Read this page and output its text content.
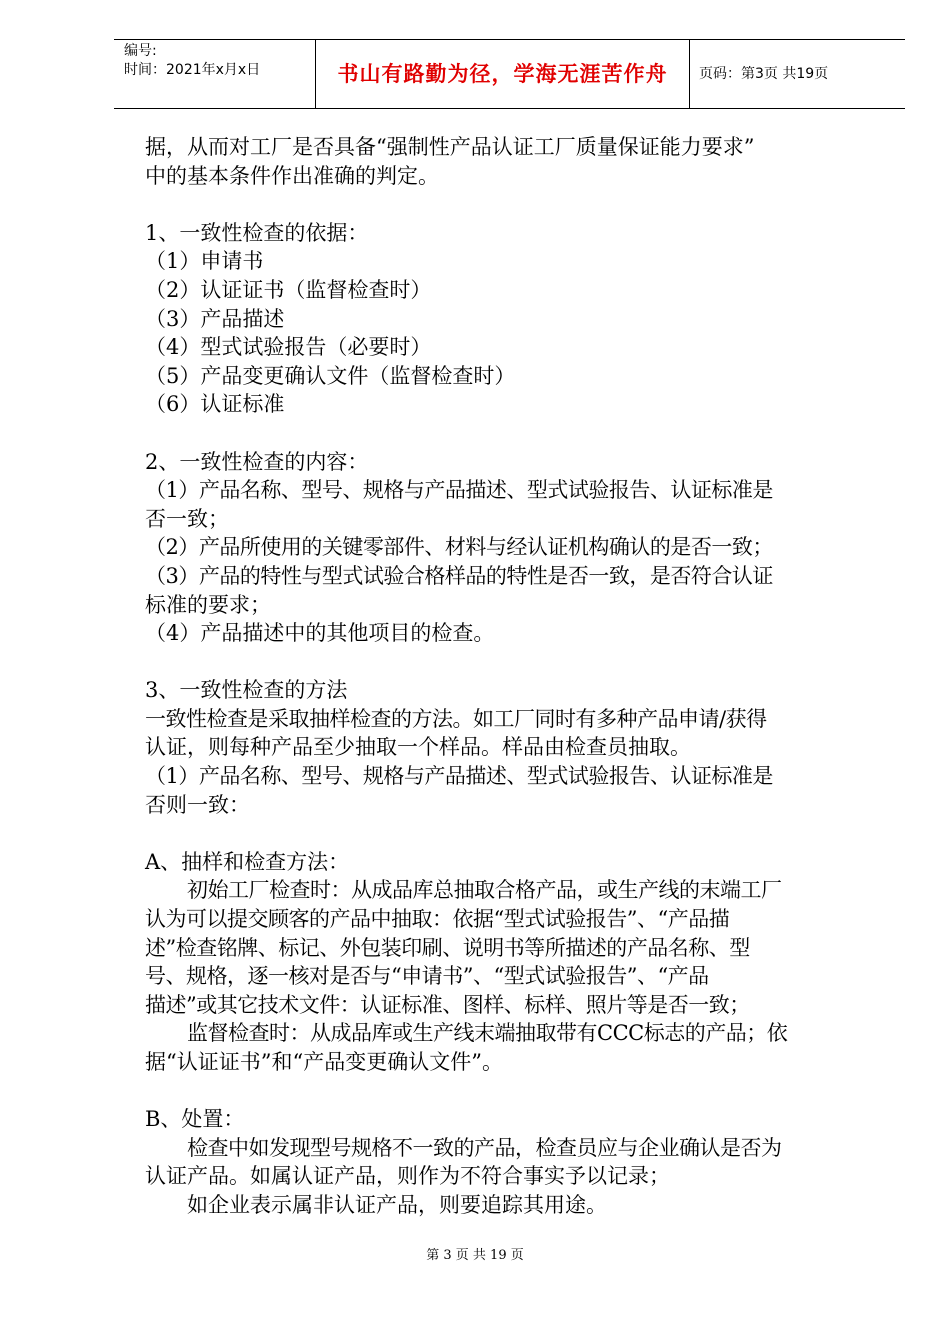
编号:
时间：2021年x月x日	书山有路勤为径，学海无涯苦作舟	页码：第3页 共19页

据，从而对工厂是否具备“强制性产品认证工厂质量保证能力要求”

中的基本条件作出准确的判定。

1、一致性检查的依据：

（1）申请书

（2）认证证书（监督检查时）

（3）产品描述

（4）型式试验报告（必要时）

（5）产品变更确认文件（监督检查时）

（6）认证标准

2、一致性检查的内容：

（1）产品名称、型号、规格与产品描述、型式试验报告、认证标准是

否一致；

（2）产品所使用的关键零部件、材料与经认证机构确认的是否一致；

（3）产品的特性与型式试验合格样品的特性是否一致，是否符合认证

标准的要求；

（4）产品描述中的其他项目的检查。

3、一致性检查的方法

一致性检查是采取抽样检查的方法。如工厂同时有多种产品申请/获得

认证，则每种产品至少抽取一个样品。样品由检查员抽取。

（1）产品名称、型号、规格与产品描述、型式试验报告、认证标准是

否则一致：

A、抽样和检查方法：

初始工厂检查时：从成品库总抽取合格产品，或生产线的末端工厂

认为可以提交顾客的产品中抽取：依据“型式试验报告”、“产品描

述”检查铭牌、标记、外包装印刷、说明书等所描述的产品名称、型

号、规格，逐一核对是否与“申请书”、“型式试验报告”、“产品

描述”或其它技术文件：认证标准、图样、标样、照片等是否一致；

监督检查时：从成品库或生产线末端抽取带有CCC标志的产品；依

据“认证证书”和“产品变更确认文件”。

B、处置：

检查中如发现型号规格不一致的产品，检查员应与企业确认是否为

认证产品。如属认证产品，则作为不符合事实予以记录；

如企业表示属非认证产品，则要追踪其用途。

第 3 页 共 19 页
